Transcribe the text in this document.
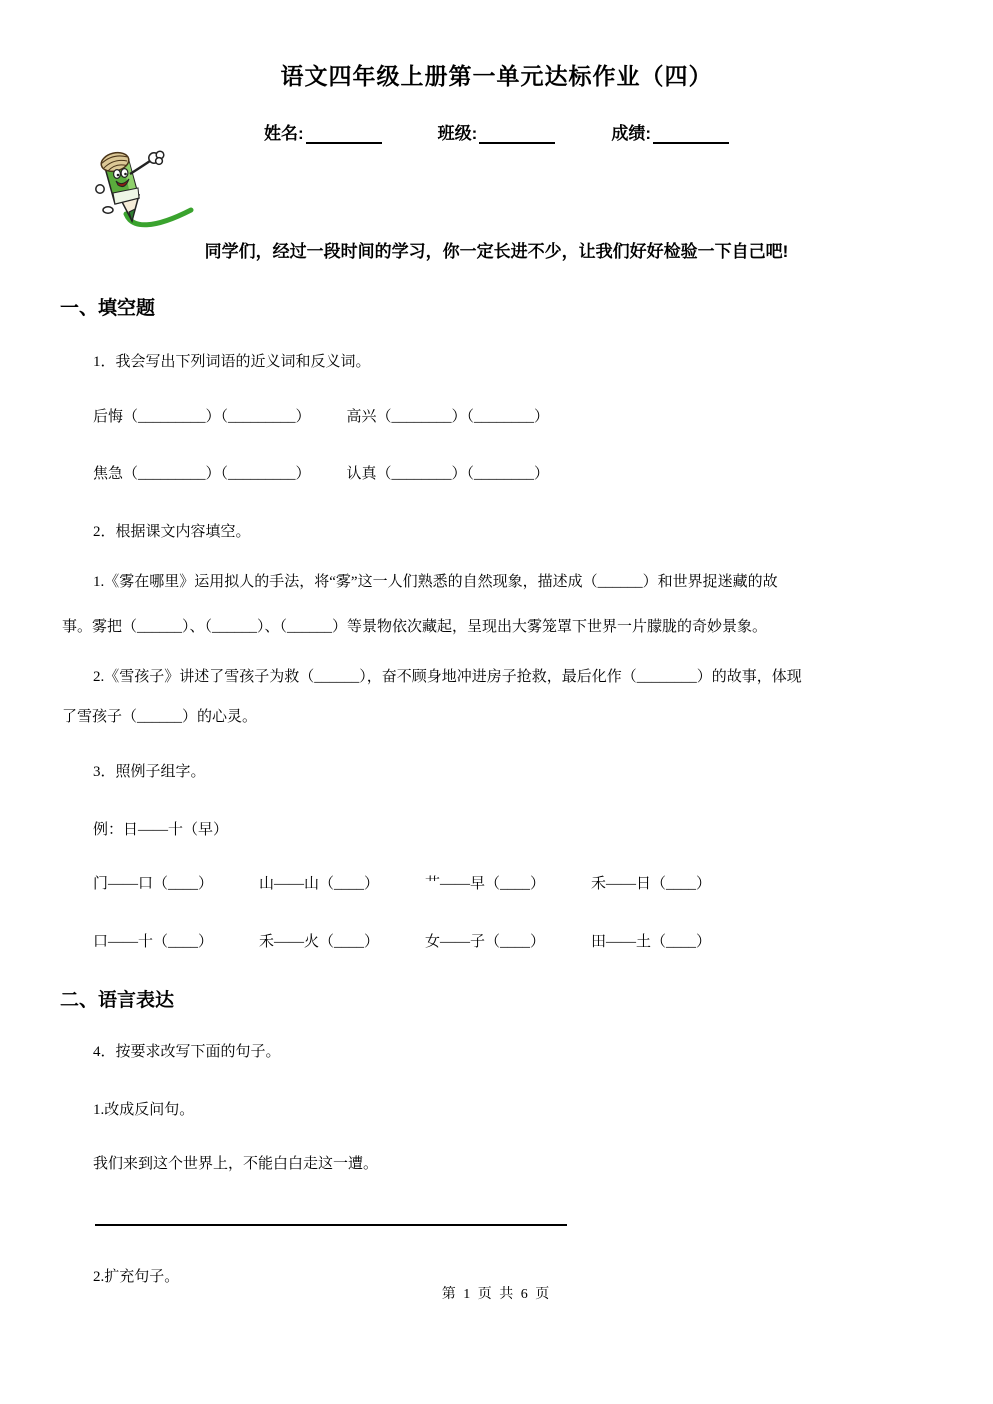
语文四年级上册第一单元达标作业（四）
姓名:	班级:	成绩:
同学们，经过一段时间的学习，你一定长进不少，让我们好好检验一下自己吧!
一、填空题
1．我会写出下列词语的近义词和反义词。
后悔（_________）（_________） 高兴（________）（________）
焦急（_________）（_________） 认真（________）（________）
2．根据课文内容填空。
1.《雾在哪里》运用拟人的手法，将“雾”这一人们熟悉的自然现象，描述成（______）和世界捉迷藏的故
事。雾把（______）、（______）、（______）等景物依次藏起，呈现出大雾笼罩下世界一片朦胧的奇妙景象。
2.《雪孩子》讲述了雪孩子为救（______），奋不顾身地冲进房子抢救，最后化作（________）的故事，体现
了雪孩子（______）的心灵。
3．照例子组字。
例：日——十（早）
门——口（____）	山——山（____）	艹——早（____）	禾——日（____）
口——十（____）	禾——火（____）	女——子（____）	田——土（____）
二、语言表达
4．按要求改写下面的句子。
1.改成反问句。
我们来到这个世界上，不能白白走这一遭。
2.扩充句子。
第 1 页 共 6 页
